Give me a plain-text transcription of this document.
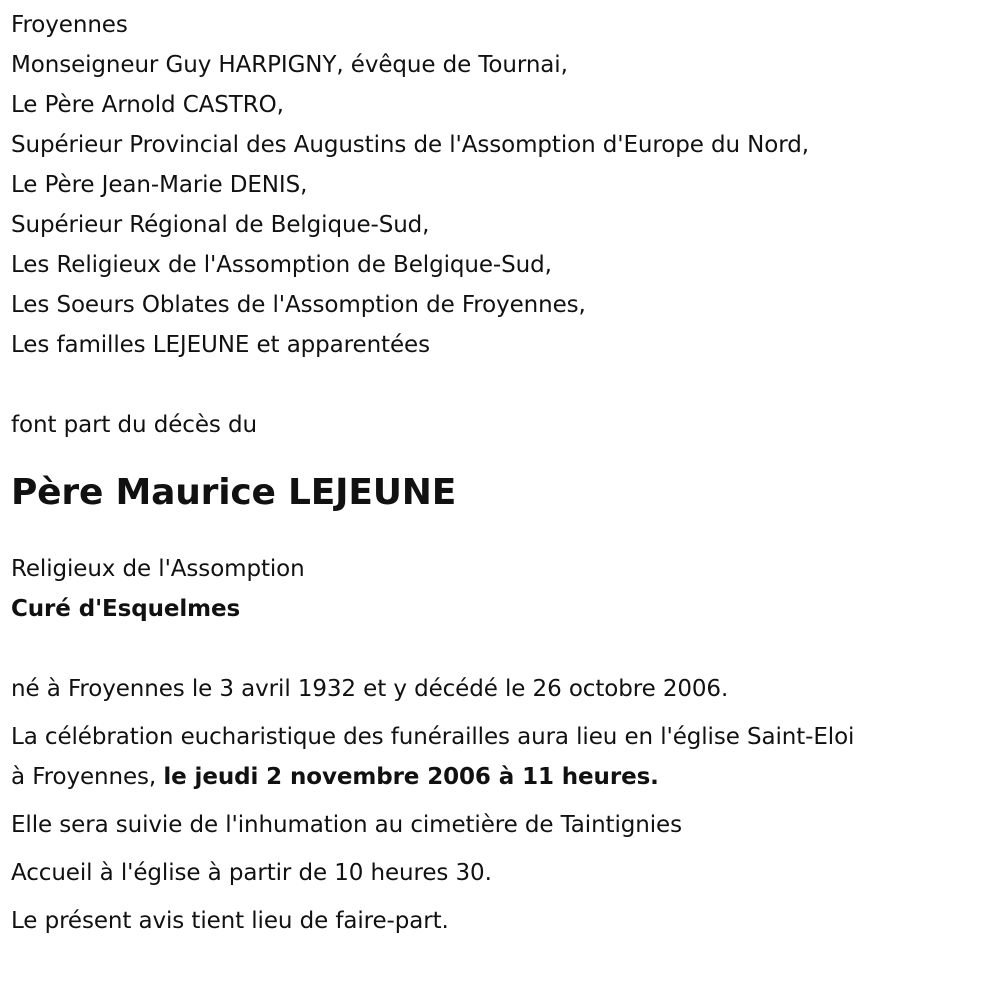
Froyennes
Monseigneur Guy HARPIGNY, évêque de Tournai,
Le Père Arnold CASTRO,
Supérieur Provincial des Augustins de l'Assomption d'Europe du Nord,
Le Père Jean-Marie DENIS,
Supérieur Régional de Belgique-Sud,
Les Religieux de l'Assomption de Belgique-Sud,
Les Soeurs Oblates de l'Assomption de Froyennes,
Les familles LEJEUNE et apparentées
font part du décès du
Père Maurice LEJEUNE
Religieux de l'Assomption
Curé d'Esquelmes
né à Froyennes le 3 avril 1932 et y décédé le 26 octobre 2006.
La célébration eucharistique des funérailles aura lieu en l'église Saint-Eloi
à Froyennes, le jeudi 2 novembre 2006 à 11 heures.
Elle sera suivie de l'inhumation au cimetière de Taintignies
Accueil à l'église à partir de 10 heures 30.
Le présent avis tient lieu de faire-part.
